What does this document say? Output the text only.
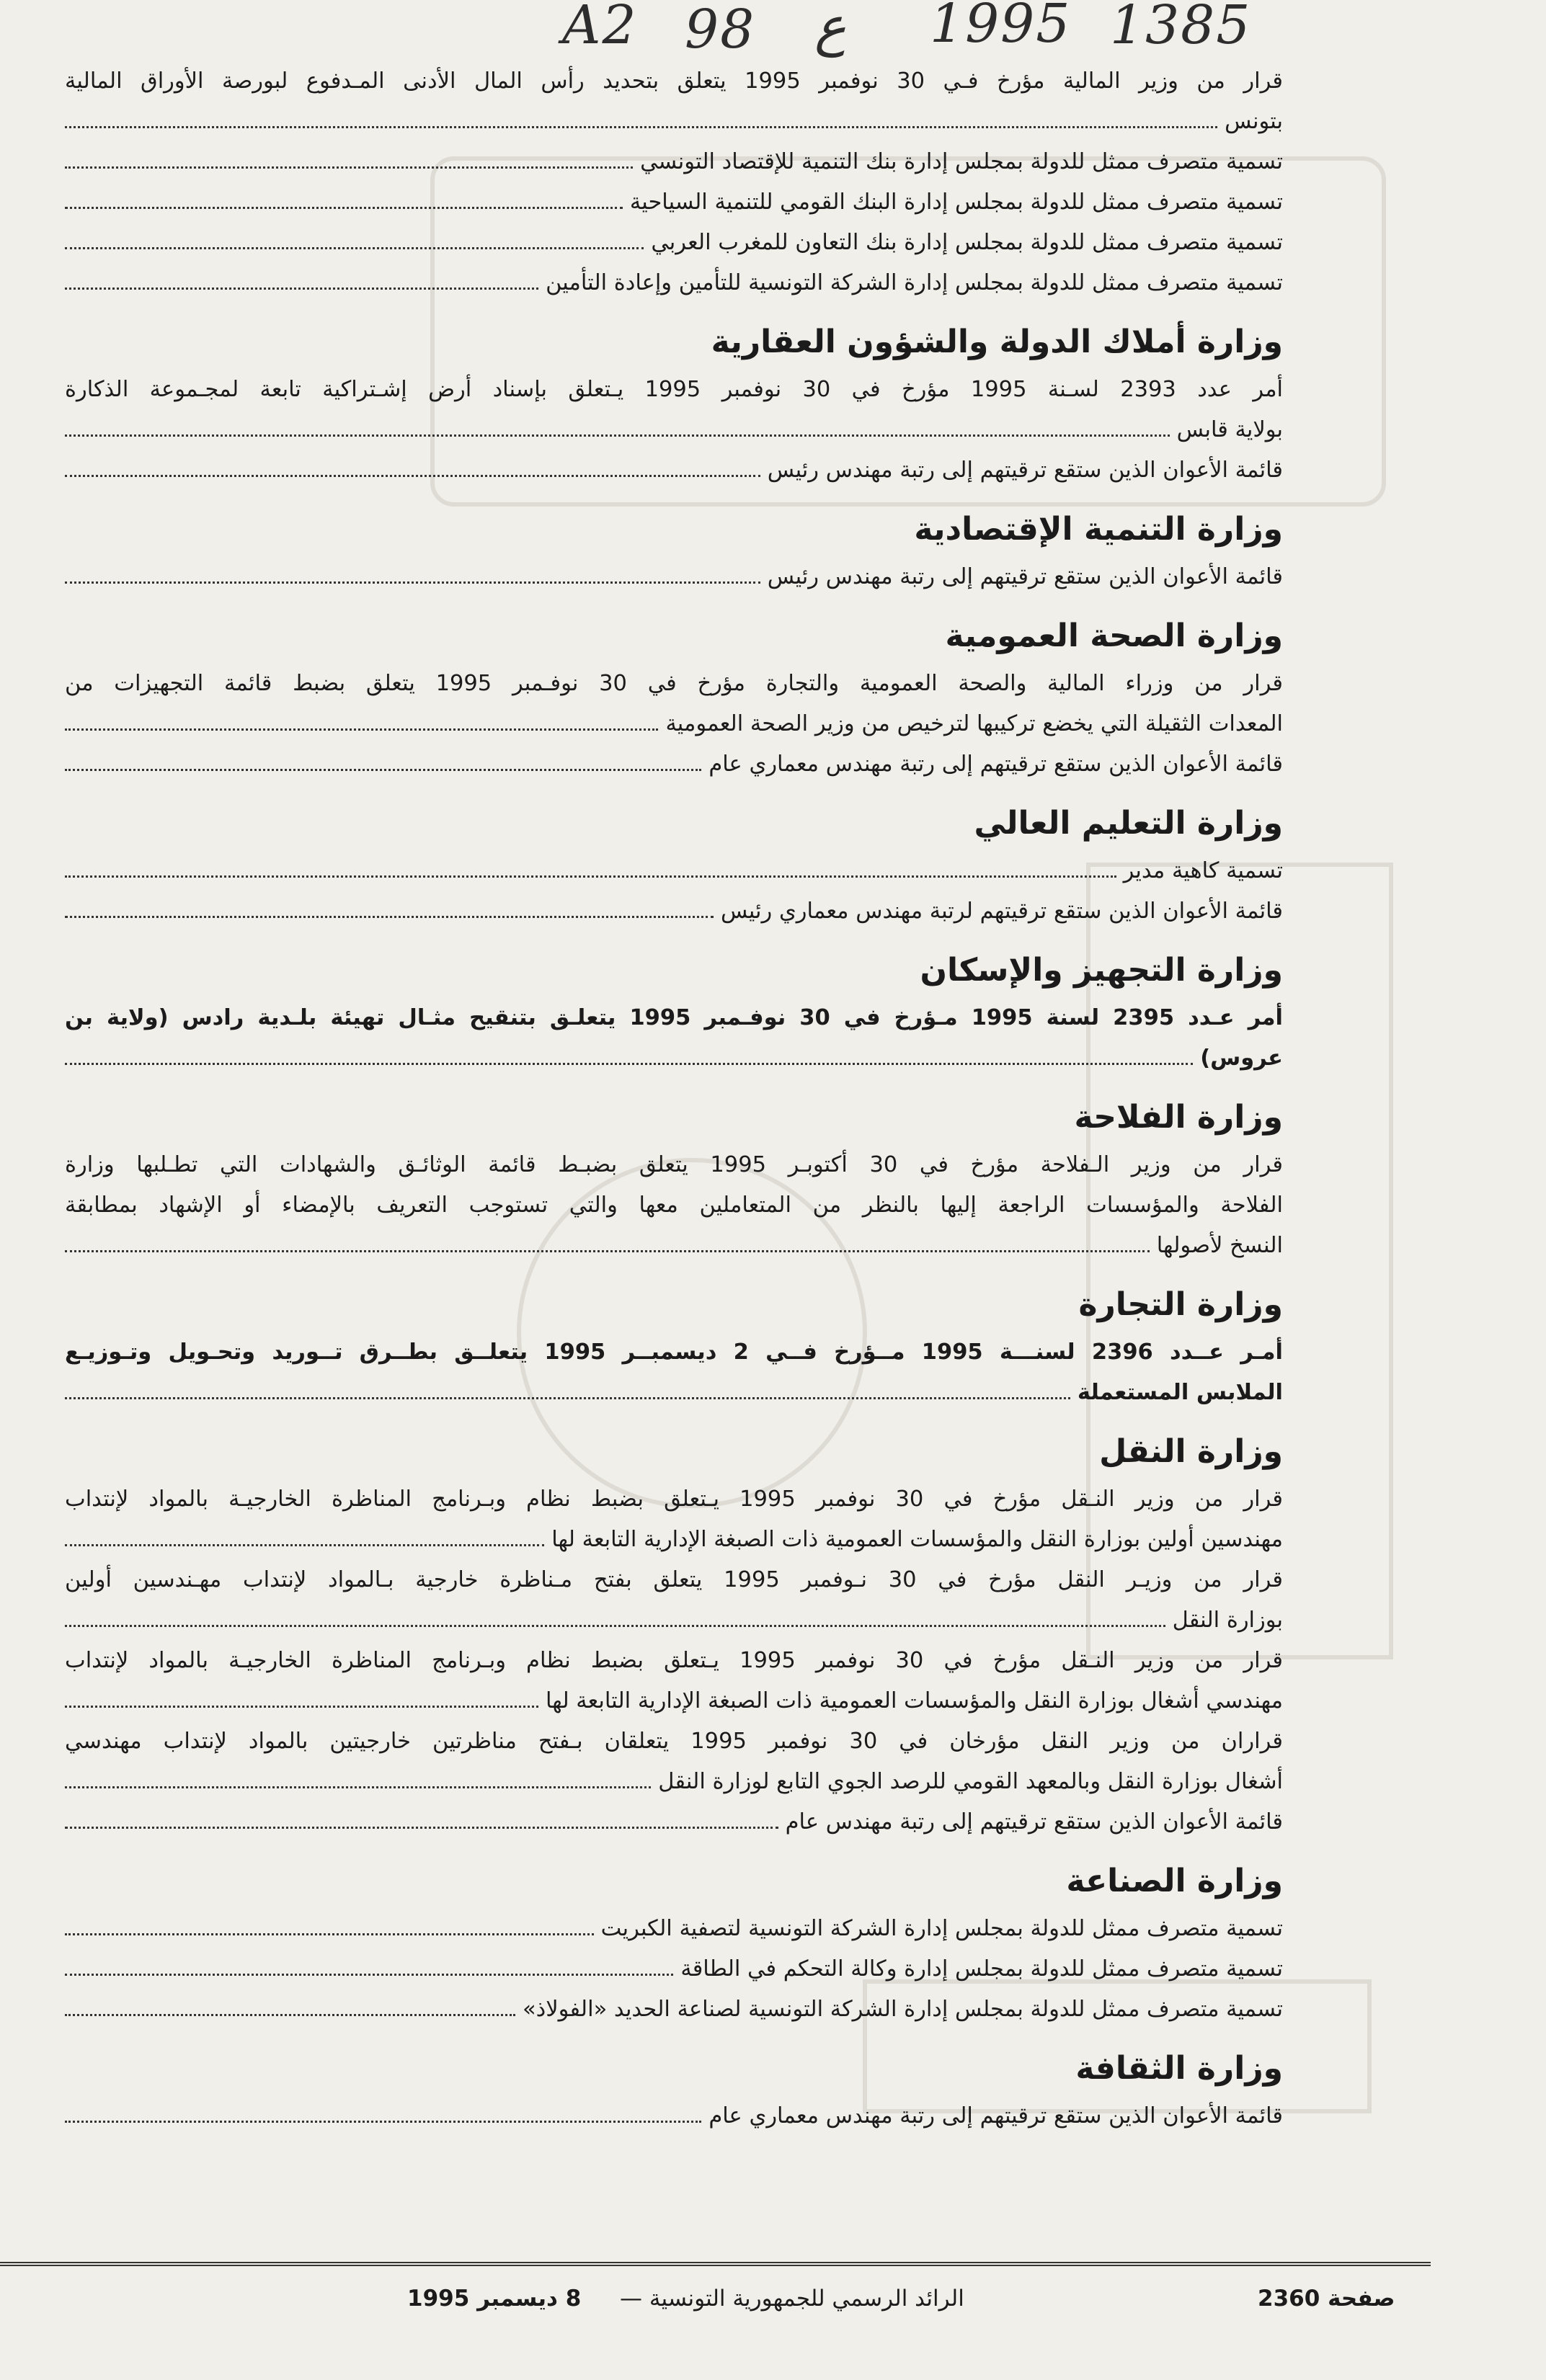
A2 98 ع 1995 1385
قرار من وزير المالية مؤرخ فـي 30 نوفمبر 1995 يتعلق بتحديد رأس المال الأدنى المـدفوع لبورصة الأوراق المالية
بتونس
تسمية متصرف ممثل للدولة بمجلس إدارة بنك التنمية للإقتصاد التونسي
تسمية متصرف ممثل للدولة بمجلس إدارة البنك القومي للتنمية السياحية
تسمية متصرف ممثل للدولة بمجلس إدارة بنك التعاون للمغرب العربي
تسمية متصرف ممثل للدولة بمجلس إدارة الشركة التونسية للتأمين وإعادة التأمين
وزارة أملاك الدولة والشؤون العقارية
أمر عدد 2393 لسـنة 1995 مؤرخ في 30 نوفمبر 1995 يـتعلق بإسناد أرض إشـتراكية تابعة لمجـموعة الذكارة
بولاية قابس
قائمة الأعوان الذين ستقع ترقيتهم إلى رتبة مهندس رئيس
وزارة التنمية الإقتصادية
قائمة الأعوان الذين ستقع ترقيتهم إلى رتبة مهندس رئيس
وزارة الصحة العمومية
قرار من وزراء المالية والصحة العمومية والتجارة مؤرخ في 30 نوفـمبر 1995 يتعلق بضبط قائمة التجهيزات من
المعدات الثقيلة التي يخضع تركيبها لترخيص من وزير الصحة العمومية
قائمة الأعوان الذين ستقع ترقيتهم إلى رتبة مهندس معماري عام
وزارة التعليم العالي
تسمية كاهية مدير
قائمة الأعوان الذين ستقع ترقيتهم لرتبة مهندس معماري رئيس
وزارة التجهيز والإسكان
أمر عـدد 2395 لسنة 1995 مـؤرخ في 30 نوفـمبر 1995 يتعلـق بتنقيح مثـال تهيئة بلـدية رادس (ولاية بن
عروس)
وزارة الفلاحة
قرار من وزير الـفلاحة مؤرخ في 30 أكتوبـر 1995 يتعلق بضبـط قائمة الوثائـق والشهادات التي تطـلبها وزارة
الفلاحة والمؤسسات الراجعة إليها بالنظر من المتعاملين معها والتي تستوجب التعريف بالإمضاء أو الإشهاد بمطابقة
النسخ لأصولها
وزارة التجارة
أمـر عــدد 2396 لسنـــة 1995 مــؤرخ فــي 2 ديسمبــر 1995 يتعلــق بطــرق تــوريد وتحـويل وتـوزيـع
الملابس المستعملة
وزارة النقل
قرار من وزير النـقل مؤرخ في 30 نوفمبر 1995 يـتعلق بضبط نظام وبـرنامج المناظرة الخارجيـة بالمواد لإنتداب
مهندسين أولين بوزارة النقل والمؤسسات العمومية ذات الصبغة الإدارية التابعة لها
قرار من وزيـر النقل مؤرخ في 30 نـوفمبر 1995 يتعلق بفتح مـناظرة خارجية بـالمواد لإنتداب مهـندسين أولين
بوزارة النقل
قرار من وزير النـقل مؤرخ في 30 نوفمبر 1995 يـتعلق بضبط نظام وبـرنامج المناظرة الخارجيـة بالمواد لإنتداب
مهندسي أشغال بوزارة النقل والمؤسسات العمومية ذات الصبغة الإدارية التابعة لها
قراران من وزير النقل مؤرخان في 30 نوفمبر 1995 يتعلقان بـفتح مناظرتين خارجيتين بالمواد لإنتداب مهندسي
أشغال بوزارة النقل وبالمعهد القومي للرصد الجوي التابع لوزارة النقل
قائمة الأعوان الذين ستقع ترقيتهم إلى رتبة مهندس عام
وزارة الصناعة
تسمية متصرف ممثل للدولة بمجلس إدارة الشركة التونسية لتصفية الكبريت
تسمية متصرف ممثل للدولة بمجلس إدارة وكالة التحكم في الطاقة
تسمية متصرف ممثل للدولة بمجلس إدارة الشركة التونسية لصناعة الحديد «الفولاذ»
وزارة الثقافة
قائمة الأعوان الذين ستقع ترقيتهم إلى رتبة مهندس معماري عام
صفحة 2360
الرائد الرسمي للجمهورية التونسية —
8 ديسمبر 1995
